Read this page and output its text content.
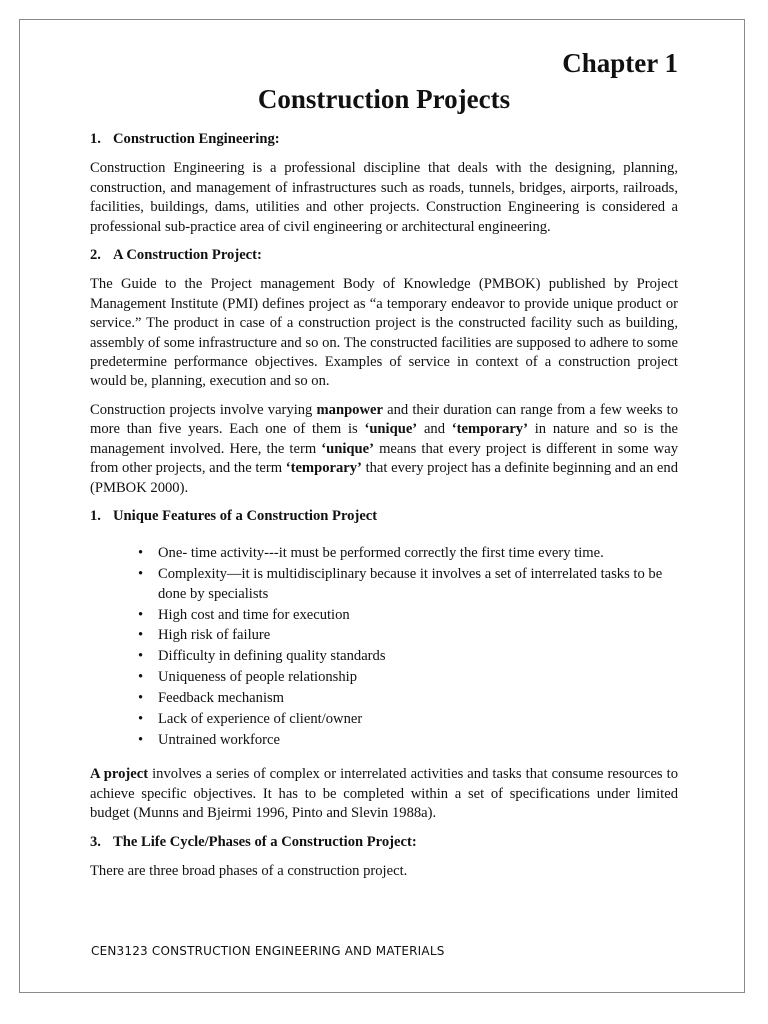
Chapter 1
Construction Projects
1. Construction Engineering:

Construction Engineering is a professional discipline that deals with the designing, planning, construction, and management of infrastructures such as roads, tunnels, bridges, airports, railroads, facilities, buildings, dams, utilities and other projects. Construction Engineering is considered a professional sub-practice area of civil engineering or architectural engineering.

2. A Construction Project:

The Guide to the Project management Body of Knowledge (PMBOK) published by Project Management Institute (PMI) defines project as “a temporary endeavor to provide unique product or service.” The product in case of a construction project is the constructed facility such as building, assembly of some infrastructure and so on. The constructed facilities are supposed to adhere to some predetermine performance objectives. Examples of service in context of a construction project would be, planning, execution and so on.

Construction projects involve varying manpower and their duration can range from a few weeks to more than five years. Each one of them is ‘unique’ and ‘temporary’ in nature and so is the management involved. Here, the term ‘unique’ means that every project is different in some way from other projects, and the term ‘temporary’ that every project has a definite beginning and an end (PMBOK 2000).

1. Unique Features of a Construction Project
• One- time activity---it must be performed correctly the first time every time.
• Complexity—it is multidisciplinary because it involves a set of interrelated tasks to be done by specialists
• High cost and time for execution
• High risk of failure
• Difficulty in defining quality standards
• Uniqueness of people relationship
• Feedback mechanism
• Lack of experience of client/owner
• Untrained workforce

A project involves a series of complex or interrelated activities and tasks that consume resources to achieve specific objectives. It has to be completed within a set of specifications under limited budget (Munns and Bjeirmi 1996, Pinto and Slevin 1988a).

3. The Life Cycle/Phases of a Construction Project:

There are three broad phases of a construction project.

CEN3123 CONSTRUCTION ENGINEERING AND MATERIALS
